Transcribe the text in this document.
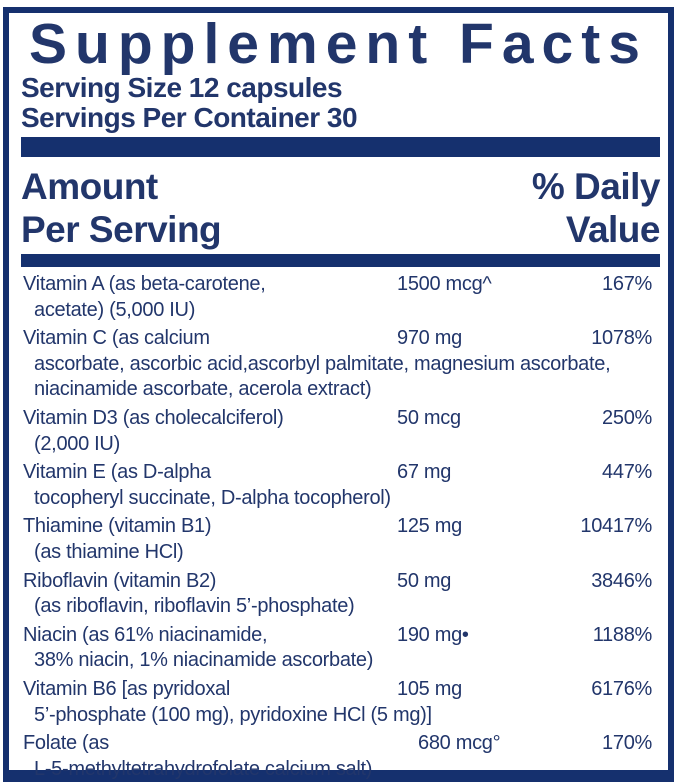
Supplement Facts
Serving Size 12 capsules
Servings Per Container 30
Amount
Per Serving
% Daily
Value
Vitamin A (as beta-carotene,	1500 mcg^	167%
acetate) (5,000 IU)
Vitamin C (as calcium	970 mg	1078%
ascorbate, ascorbic acid,ascorbyl palmitate, magnesium ascorbate,
niacinamide ascorbate, acerola extract)
Vitamin D3 (as cholecalciferol)	50 mcg	250%
(2,000 IU)
Vitamin E (as D-alpha	67 mg	447%
tocopheryl succinate, D-alpha tocopherol)
Thiamine (vitamin B1)	125 mg	10417%
(as thiamine HCl)
Riboflavin (vitamin B2)	50 mg	3846%
(as riboflavin, riboflavin 5’-phosphate)
Niacin (as 61% niacinamide,	190 mg•	1188%
38% niacin, 1% niacinamide ascorbate)
Vitamin B6 [as pyridoxal	105 mg	6176%
5’-phosphate (100 mg), pyridoxine HCl (5 mg)]
Folate (as	680 mcg°	170%
L-5-methyltetrahydrofolate calcium salt)
